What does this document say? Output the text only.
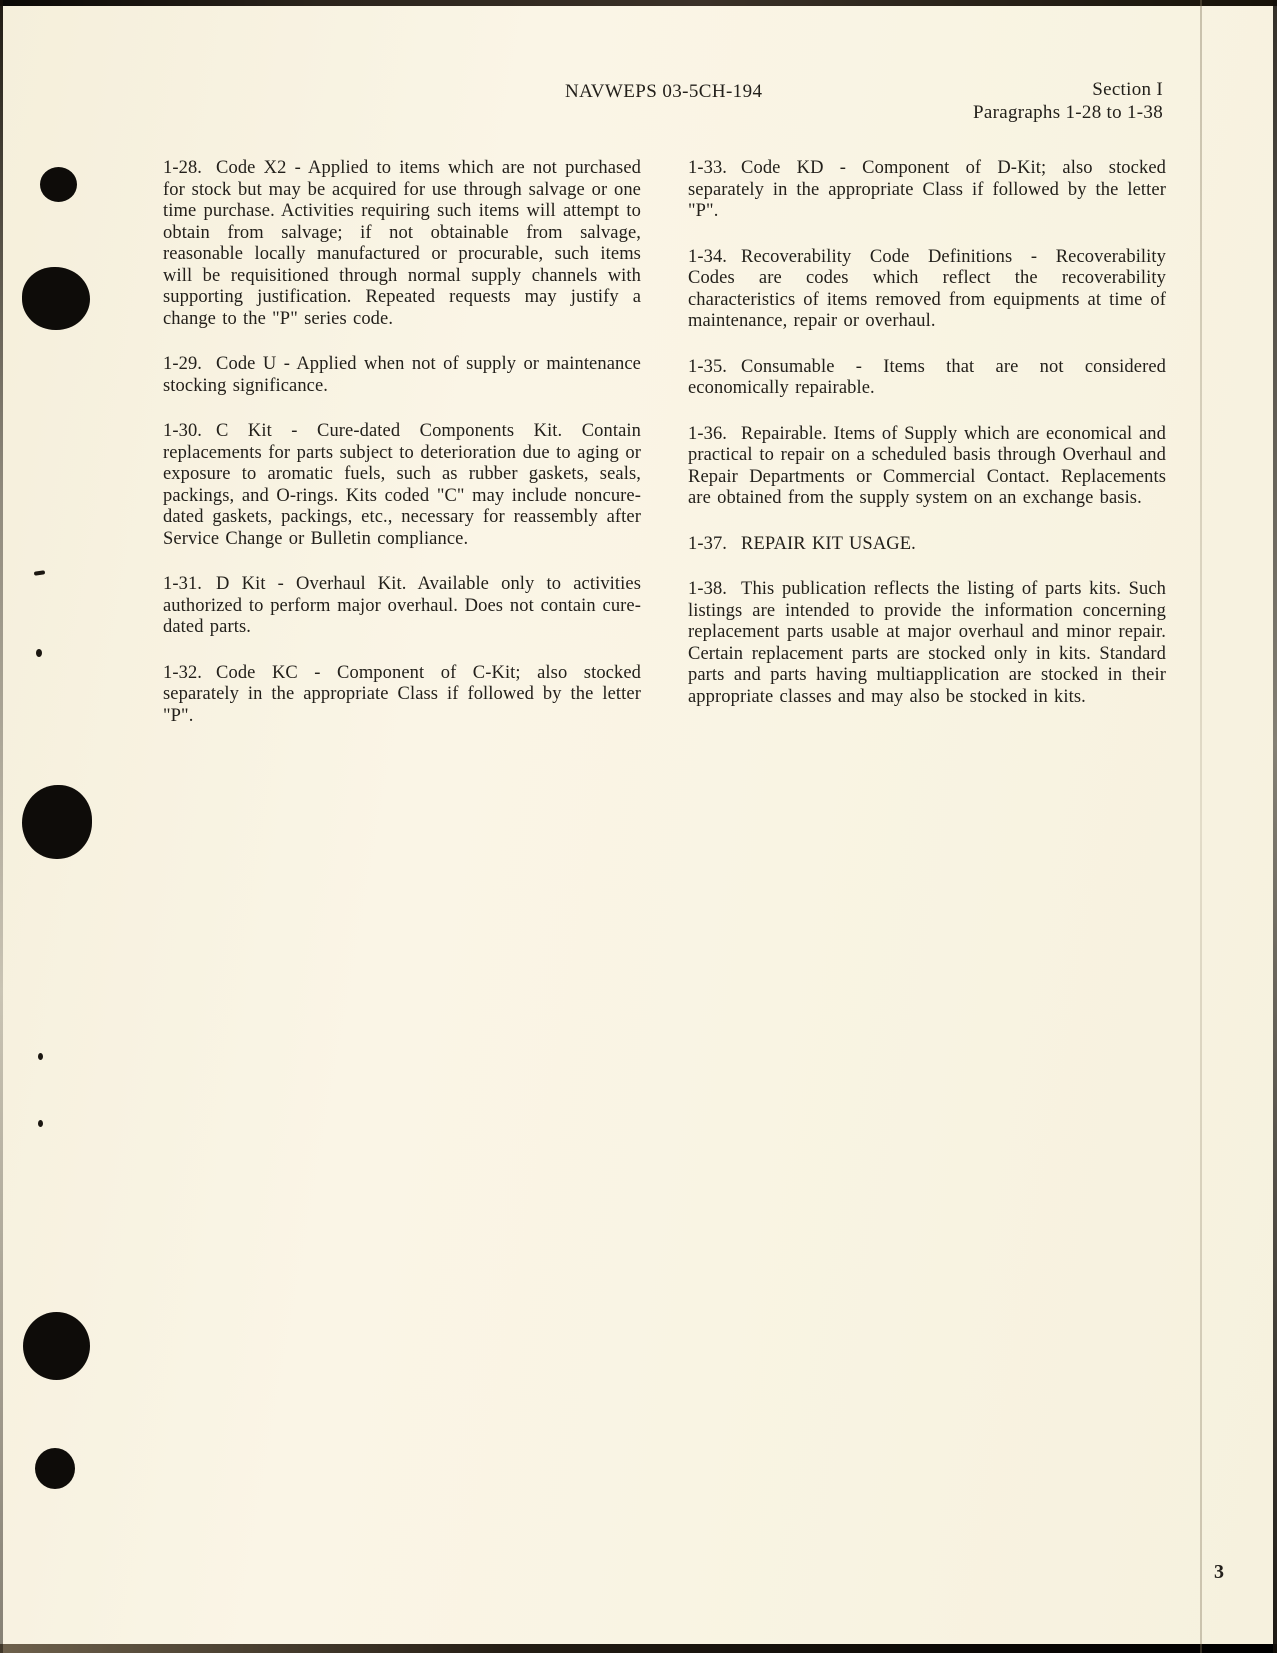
NAVWEPS 03-5CH-194	Section I
Paragraphs 1-28 to 1-38

1-28. Code X2 - Applied to items which are not purchased for stock but may be acquired for use through salvage or one time purchase. Activities requiring such items will attempt to obtain from salvage; if not obtainable from salvage, reasonable locally manufactured or procurable, such items will be requisitioned through normal supply channels with supporting justification. Repeated requests may justify a change to the "P" series code.

1-29. Code U - Applied when not of supply or maintenance stocking significance.

1-30. C Kit - Cure-dated Components Kit. Contain replacements for parts subject to deterioration due to aging or exposure to aromatic fuels, such as rubber gaskets, seals, packings, and O-rings. Kits coded "C" may include noncure-dated gaskets, packings, etc., necessary for reassembly after Service Change or Bulletin compliance.

1-31. D Kit - Overhaul Kit. Available only to activities authorized to perform major overhaul. Does not contain cure-dated parts.

1-32. Code KC - Component of C-Kit; also stocked separately in the appropriate Class if followed by the letter "P".

1-33. Code KD - Component of D-Kit; also stocked separately in the appropriate Class if followed by the letter "P".

1-34. Recoverability Code Definitions - Recoverability Codes are codes which reflect the recoverability characteristics of items removed from equipments at time of maintenance, repair or overhaul.

1-35. Consumable - Items that are not considered economically repairable.

1-36. Repairable. Items of Supply which are economical and practical to repair on a scheduled basis through Overhaul and Repair Departments or Commercial Contact. Replacements are obtained from the supply system on an exchange basis.

1-37. REPAIR KIT USAGE.

1-38. This publication reflects the listing of parts kits. Such listings are intended to provide the information concerning replacement parts usable at major overhaul and minor repair. Certain replacement parts are stocked only in kits. Standard parts and parts having multiapplication are stocked in their appropriate classes and may also be stocked in kits.

3
